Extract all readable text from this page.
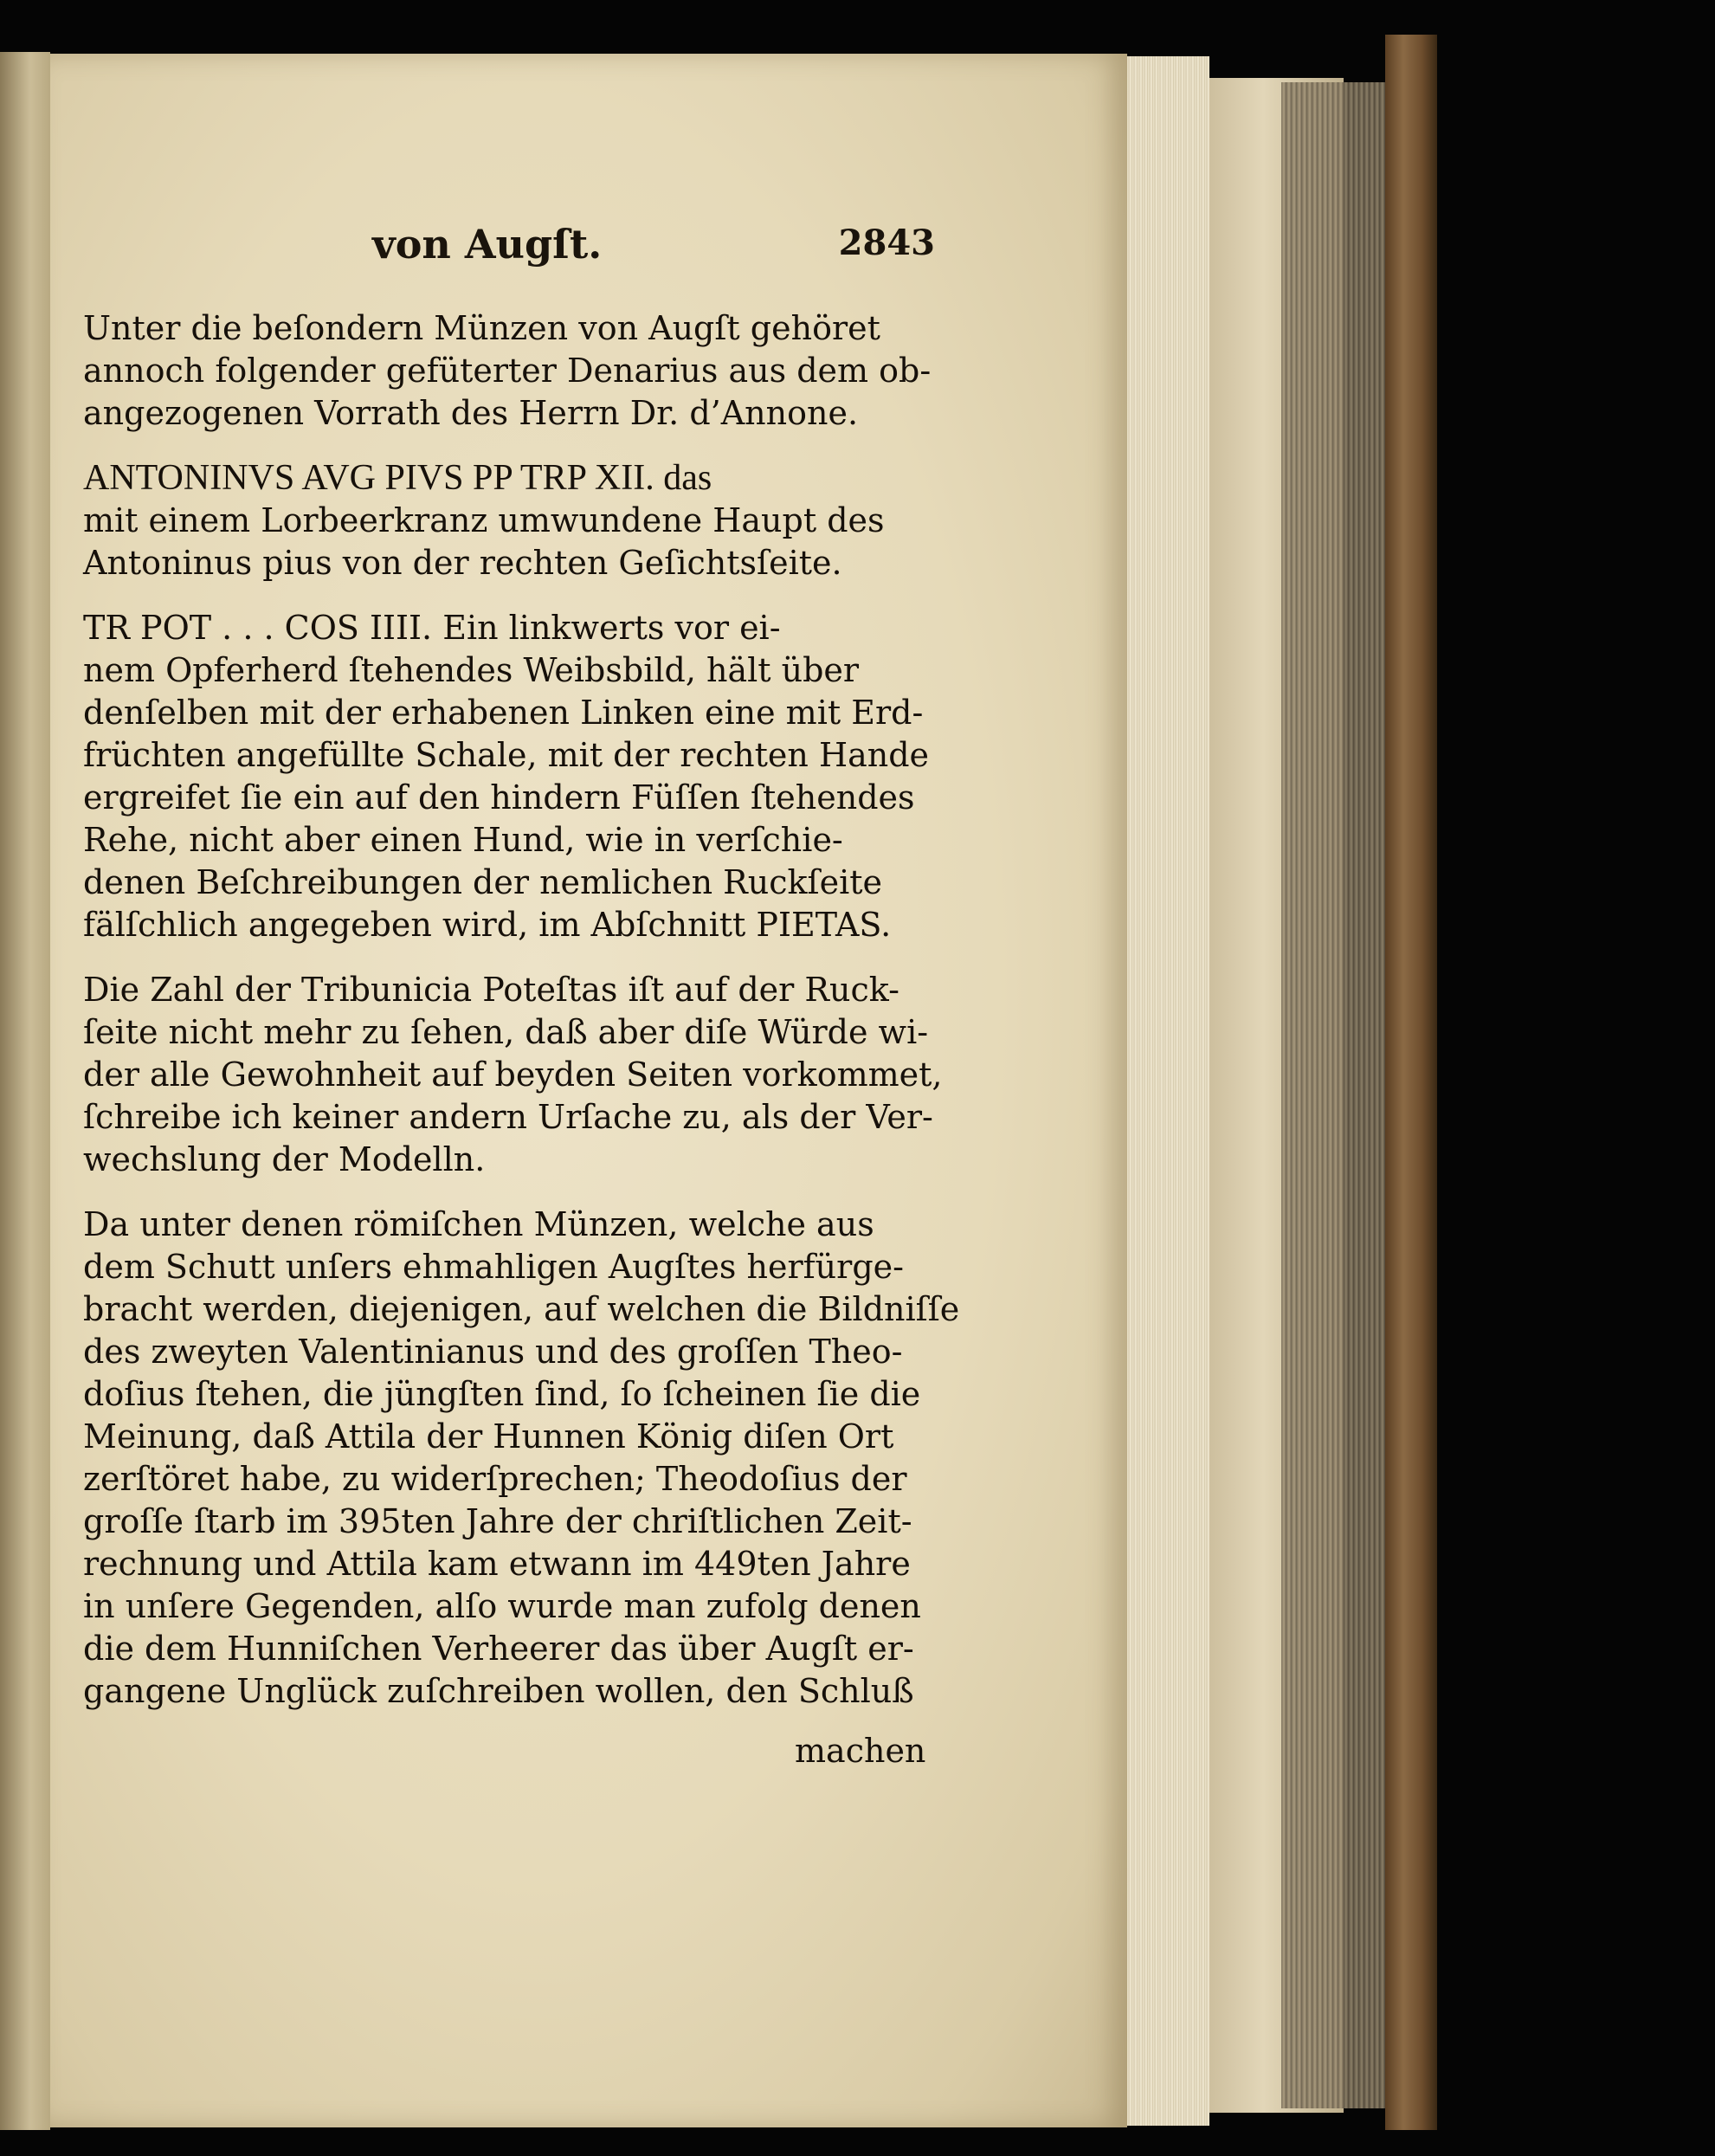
von Augſt.	2843
Unter die beſondern Münzen von Augſt gehöret
annoch folgender gefüterter Denarius aus dem ob-
angezogenen Vorrath des Herrn Dr. d’Annone.
ANTONINVS AVG PIVS PP TRP XII. das
mit einem Lorbeerkranz umwundene Haupt des
Antoninus pius von der rechten Geſichtsſeite.
TR POT . . . COS IIII. Ein linkwerts vor ei-
nem Opferherd ſtehendes Weibsbild, hält über
denſelben mit der erhabenen Linken eine mit Erd-
früchten angefüllte Schale, mit der rechten Hande
ergreifet ſie ein auf den hindern Füſſen ſtehendes
Rehe, nicht aber einen Hund, wie in verſchie-
denen Beſchreibungen der nemlichen Ruckſeite
fälſchlich angegeben wird, im Abſchnitt PIETAS.
Die Zahl der Tribunicia Poteſtas iſt auf der Ruck-
ſeite nicht mehr zu ſehen, daß aber diſe Würde wi-
der alle Gewohnheit auf beyden Seiten vorkommet,
ſchreibe ich keiner andern Urſache zu, als der Ver-
wechslung der Modelln.
Da unter denen römiſchen Münzen, welche aus
dem Schutt unſers ehmahligen Augſtes herfürge-
bracht werden, diejenigen, auf welchen die Bildniſſe
des zweyten Valentinianus und des groſſen Theo-
doſius ſtehen, die jüngſten ſind, ſo ſcheinen ſie die
Meinung, daß Attila der Hunnen König diſen Ort
zerſtöret habe, zu widerſprechen; Theodoſius der
groſſe ſtarb im 395ten Jahre der chriſtlichen Zeit-
rechnung und Attila kam etwann im 449ten Jahre
in unſere Gegenden, alſo wurde man zufolg denen
die dem Hunniſchen Verheerer das über Augſt er-
gangene Unglück zuſchreiben wollen, den Schluß
machen
